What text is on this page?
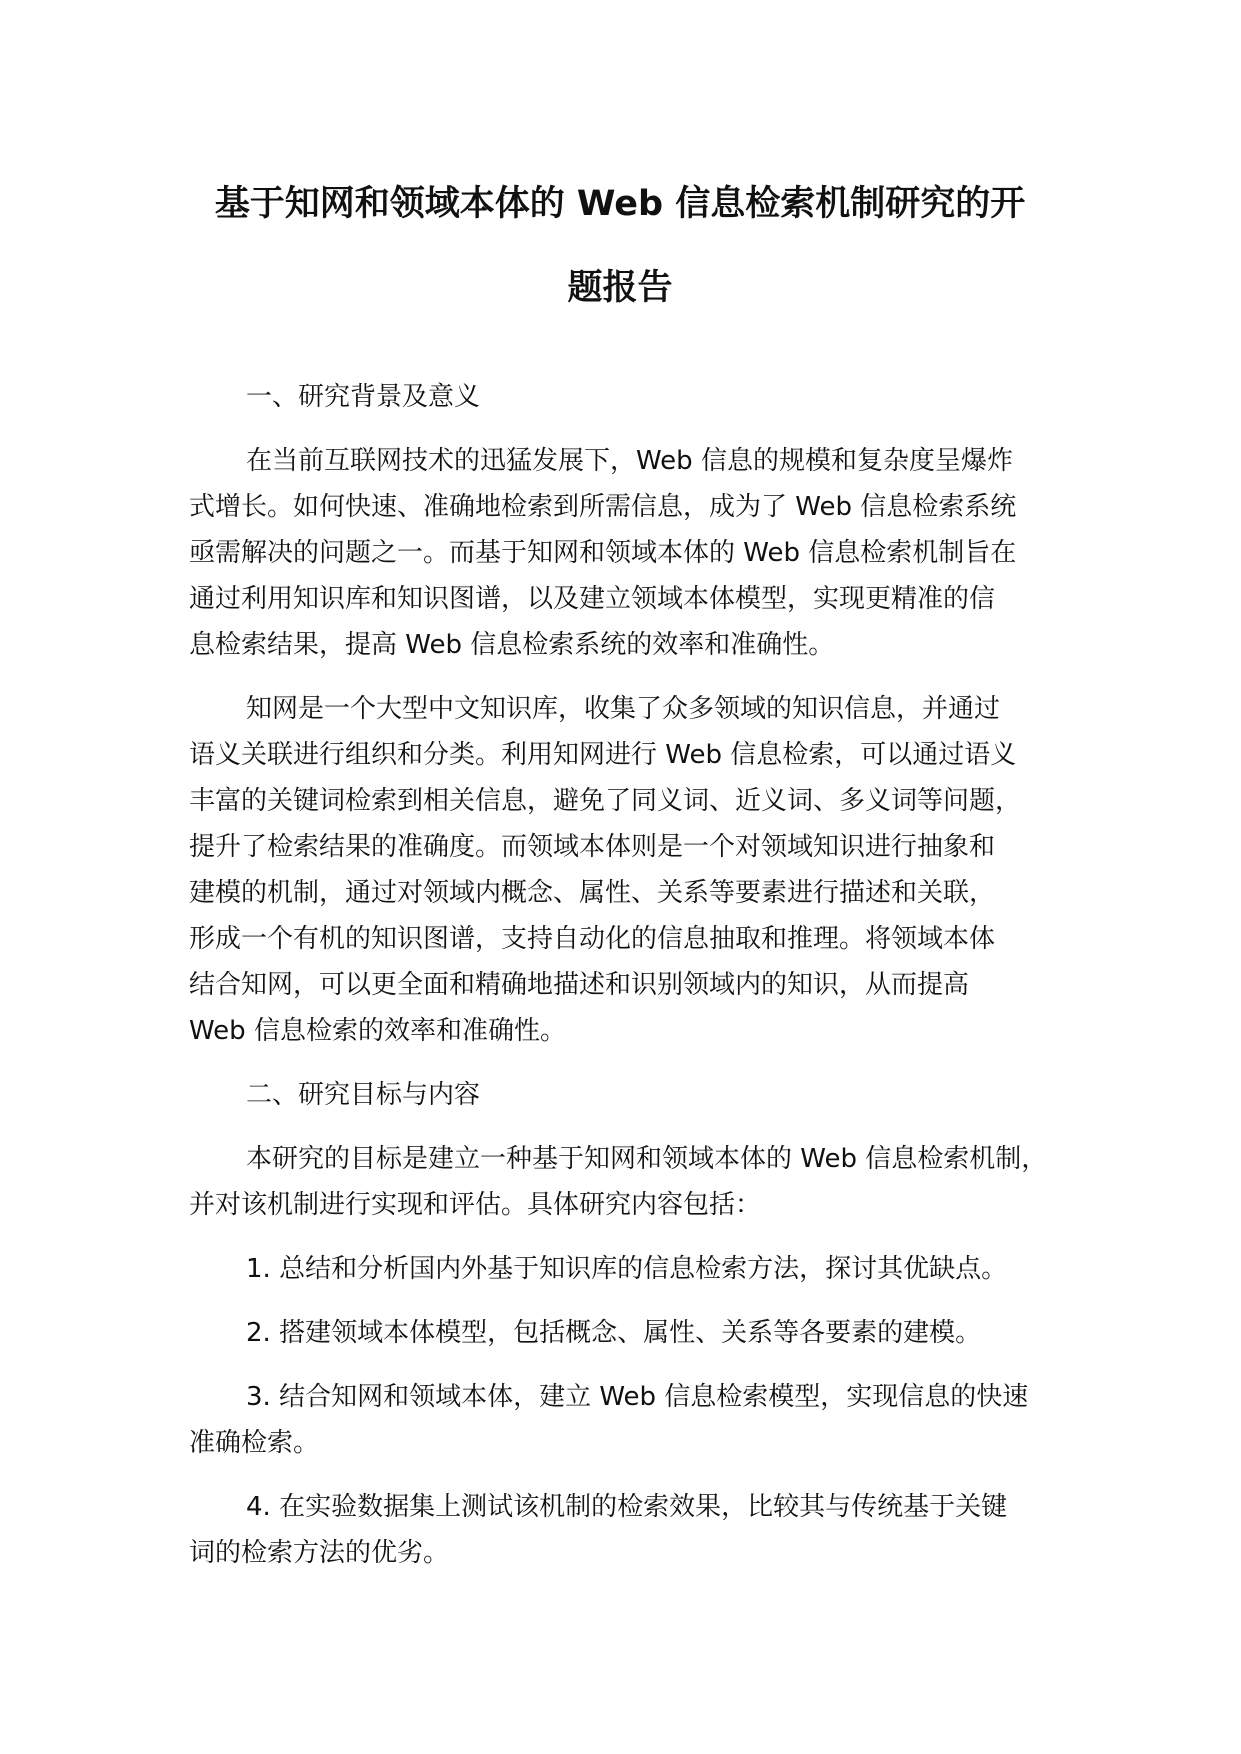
基于知网和领域本体的 Web 信息检索机制研究的开
题报告

一、研究背景及意义

在当前互联网技术的迅猛发展下，Web 信息的规模和复杂度呈爆炸

式增长。如何快速、准确地检索到所需信息，成为了 Web 信息检索系统

亟需解决的问题之一。而基于知网和领域本体的 Web 信息检索机制旨在

通过利用知识库和知识图谱，以及建立领域本体模型，实现更精准的信

息检索结果，提高 Web 信息检索系统的效率和准确性。

知网是一个大型中文知识库，收集了众多领域的知识信息，并通过

语义关联进行组织和分类。利用知网进行 Web 信息检索，可以通过语义

丰富的关键词检索到相关信息，避免了同义词、近义词、多义词等问题，

提升了检索结果的准确度。而领域本体则是一个对领域知识进行抽象和

建模的机制，通过对领域内概念、属性、关系等要素进行描述和关联，

形成一个有机的知识图谱，支持自动化的信息抽取和推理。将领域本体

结合知网，可以更全面和精确地描述和识别领域内的知识，从而提高

Web 信息检索的效率和准确性。

二、研究目标与内容

本研究的目标是建立一种基于知网和领域本体的 Web 信息检索机制，

并对该机制进行实现和评估。具体研究内容包括：

1. 总结和分析国内外基于知识库的信息检索方法，探讨其优缺点。

2. 搭建领域本体模型，包括概念、属性、关系等各要素的建模。

3. 结合知网和领域本体，建立 Web 信息检索模型，实现信息的快速

准确检索。

4. 在实验数据集上测试该机制的检索效果，比较其与传统基于关键

词的检索方法的优劣。
